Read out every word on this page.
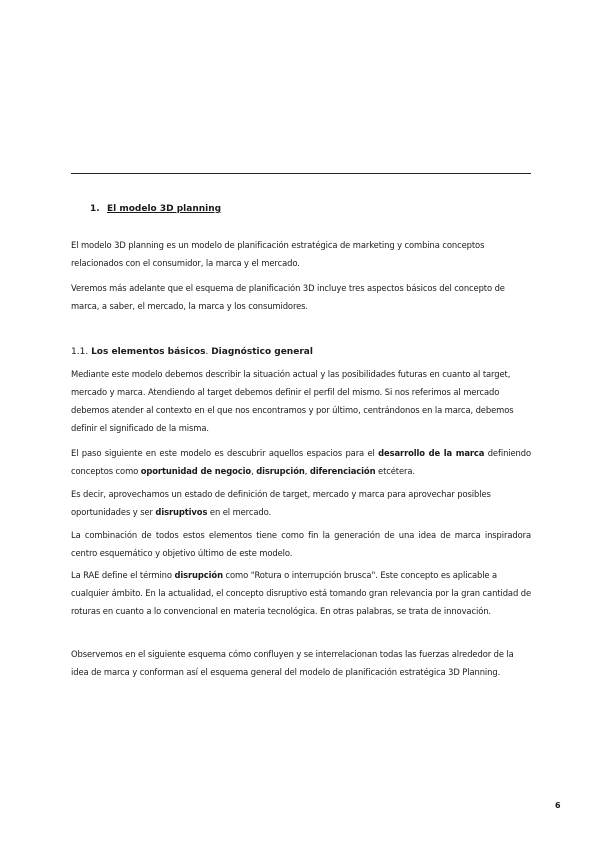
1. El modelo 3D planning

El modelo 3D planning es un modelo de planificación estratégica de marketing y combina conceptos relacionados con el consumidor, la marca y el mercado.

Veremos más adelante que el esquema de planificación 3D incluye tres aspectos básicos del concepto de marca, a saber, el mercado, la marca y los consumidores.

1.1. Los elementos básicos. Diagnóstico general

Mediante este modelo debemos describir la situación actual y las posibilidades futuras en cuanto al target, mercado y marca. Atendiendo al target debemos definir el perfil del mismo. Si nos referimos al mercado debemos atender al contexto en el que nos encontramos y por último, centrándonos en la marca, debemos definir el significado de la misma.

El paso siguiente en este modelo es descubrir aquellos espacios para el desarrollo de la marca definiendo conceptos como oportunidad de negocio, disrupción, diferenciación etcétera.

Es decir, aprovechamos un estado de definición de target, mercado y marca para aprovechar posibles oportunidades y ser disruptivos en el mercado.

La combinación de todos estos elementos tiene como fin la generación de una idea de marca inspiradora centro esquemático y objetivo último de este modelo.

La RAE define el término disrupción como "Rotura o interrupción brusca". Este concepto es aplicable a cualquier ámbito. En la actualidad, el concepto disruptivo está tomando gran relevancia por la gran cantidad de roturas en cuanto a lo convencional en materia tecnológica. En otras palabras, se trata de innovación.

Observemos en el siguiente esquema cómo confluyen y se interrelacionan todas las fuerzas alrededor de la idea de marca y conforman así el esquema general del modelo de planificación estratégica 3D Planning.

6
